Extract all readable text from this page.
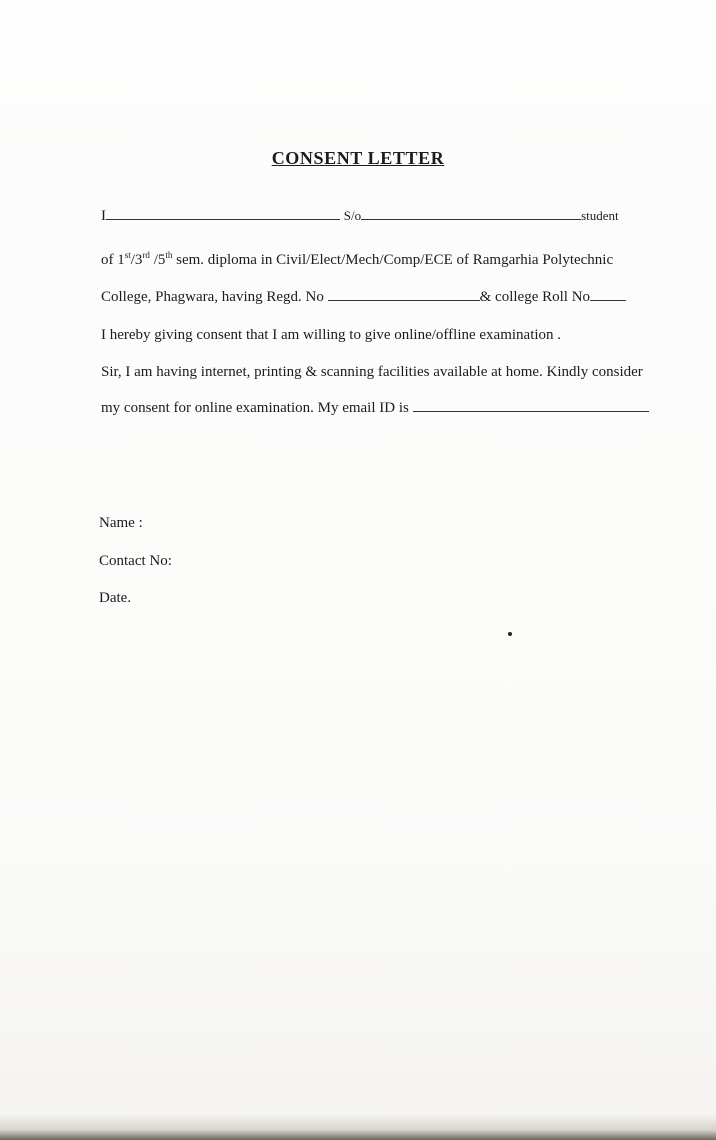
CONSENT LETTER
I	S/o	student
of 1st/3rd /5th sem. diploma in Civil/Elect/Mech/Comp/ECE of Ramgarhia Polytechnic
College, Phagwara, having Regd. No	& college Roll No
I hereby giving consent that I am willing to give online/offline examination .
Sir, I am having internet, printing & scanning facilities available at home. Kindly consider
my consent for online examination. My email ID is
Name :
Contact No:
Date.
